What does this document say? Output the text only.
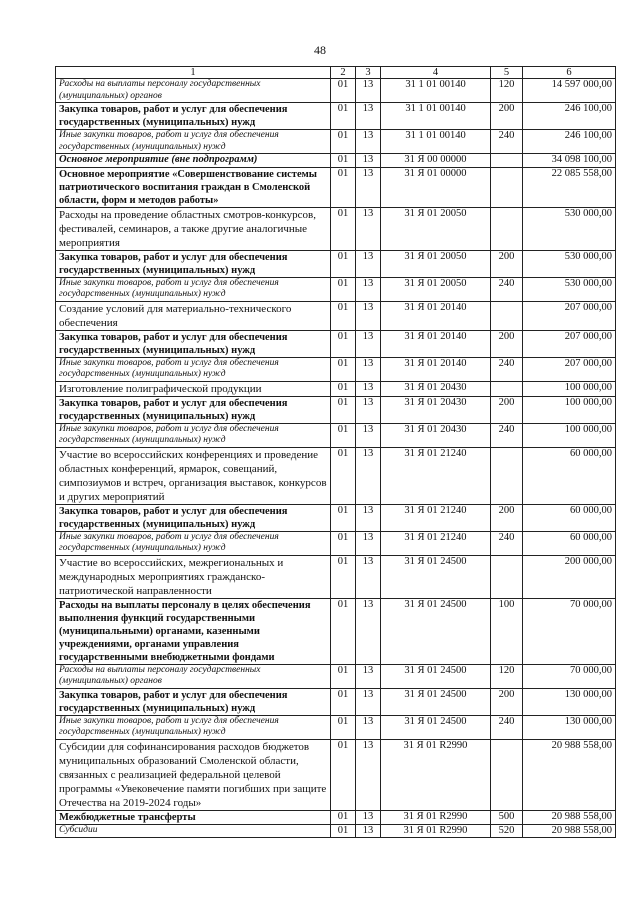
48
1	2	3	4	5	6
Расходы на выплаты персоналу государственных (муниципальных) органов	01	13	31 1 01 00140	120	14 597 000,00
Закупка товаров, работ и услуг для обеспечения государственных (муниципальных) нужд	01	13	31 1 01 00140	200	246 100,00
Иные закупки товаров, работ и услуг для обеспечения государственных (муниципальных) нужд	01	13	31 1 01 00140	240	246 100,00
Основное мероприятие (вне подпрограмм)	01	13	31 Я 00 00000		34 098 100,00
Основное мероприятие «Совершенствование системы патриотического воспитания граждан в Смоленской области, форм и методов работы»	01	13	31 Я 01 00000		22 085 558,00
Расходы на проведение областных смотров-конкурсов, фестивалей, семинаров, а также другие аналогичные мероприятия	01	13	31 Я 01 20050		530 000,00
Закупка товаров, работ и услуг для обеспечения государственных (муниципальных) нужд	01	13	31 Я 01 20050	200	530 000,00
Иные закупки товаров, работ и услуг для обеспечения государственных (муниципальных) нужд	01	13	31 Я 01 20050	240	530 000,00
Создание условий для материально-технического обеспечения	01	13	31 Я 01 20140		207 000,00
Закупка товаров, работ и услуг для обеспечения государственных (муниципальных) нужд	01	13	31 Я 01 20140	200	207 000,00
Иные закупки товаров, работ и услуг для обеспечения государственных (муниципальных) нужд	01	13	31 Я 01 20140	240	207 000,00
Изготовление полиграфической продукции	01	13	31 Я 01 20430		100 000,00
Закупка товаров, работ и услуг для обеспечения государственных (муниципальных) нужд	01	13	31 Я 01 20430	200	100 000,00
Иные закупки товаров, работ и услуг для обеспечения государственных (муниципальных) нужд	01	13	31 Я 01 20430	240	100 000,00
Участие во всероссийских конференциях и проведение областных конференций, ярмарок, совещаний, симпозиумов и встреч, организация выставок, конкурсов и других мероприятий	01	13	31 Я 01 21240		60 000,00
Закупка товаров, работ и услуг для обеспечения государственных (муниципальных) нужд	01	13	31 Я 01 21240	200	60 000,00
Иные закупки товаров, работ и услуг для обеспечения государственных (муниципальных) нужд	01	13	31 Я 01 21240	240	60 000,00
Участие во всероссийских, межрегиональных и международных мероприятиях гражданско-патриотической направленности	01	13	31 Я 01 24500		200 000,00
Расходы на выплаты персоналу в целях обеспечения выполнения функций государственными (муниципальными) органами, казенными учреждениями, органами управления государственными внебюджетными фондами	01	13	31 Я 01 24500	100	70 000,00
Расходы на выплаты персоналу государственных (муниципальных) органов	01	13	31 Я 01 24500	120	70 000,00
Закупка товаров, работ и услуг для обеспечения государственных (муниципальных) нужд	01	13	31 Я 01 24500	200	130 000,00
Иные закупки товаров, работ и услуг для обеспечения государственных (муниципальных) нужд	01	13	31 Я 01 24500	240	130 000,00
Субсидии для софинансирования расходов бюджетов муниципальных образований Смоленской области, связанных с реализацией федеральной целевой программы «Увековечение памяти погибших при защите Отечества на 2019-2024 годы»	01	13	31 Я 01 R2990		20 988 558,00
Межбюджетные трансферты	01	13	31 Я 01 R2990	500	20 988 558,00
Субсидии	01	13	31 Я 01 R2990	520	20 988 558,00
